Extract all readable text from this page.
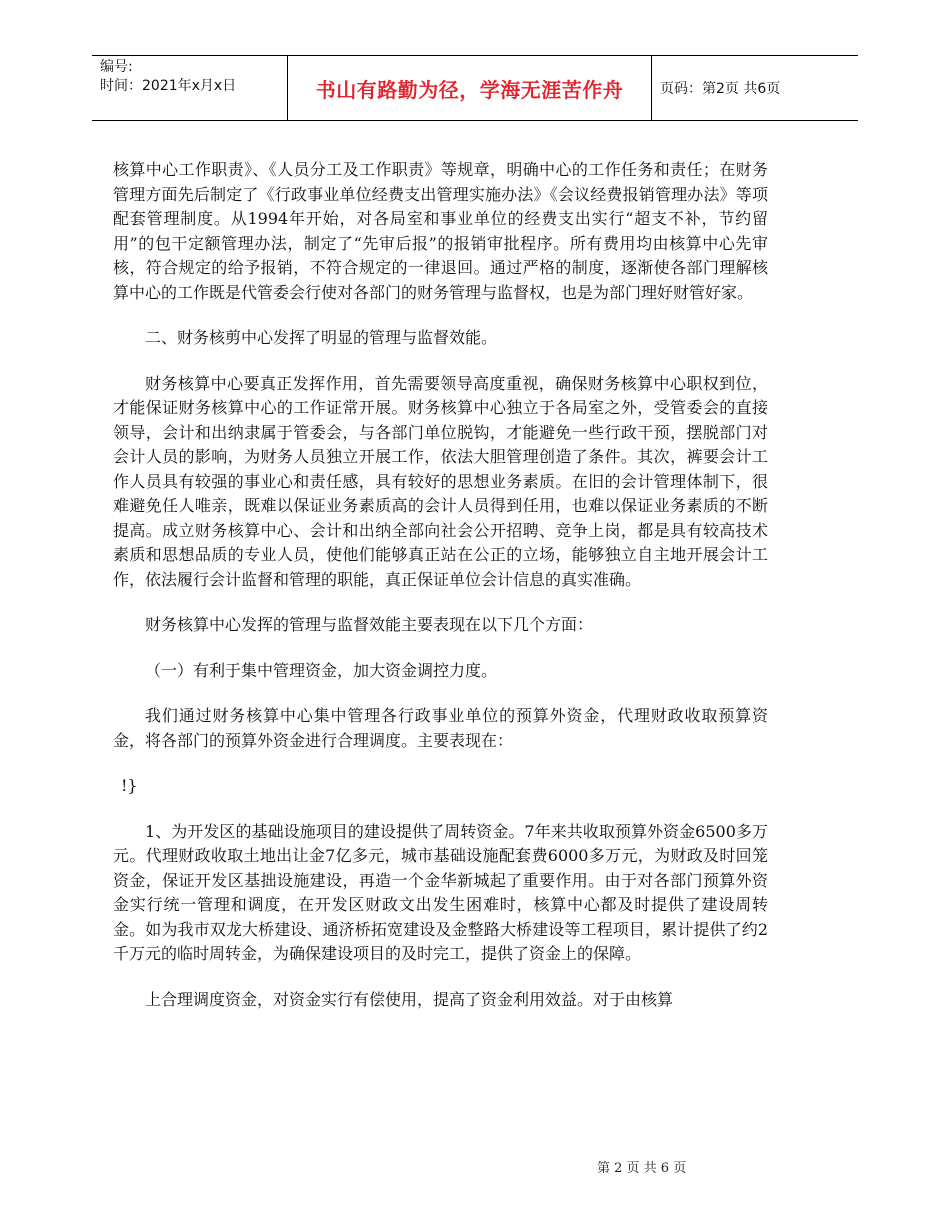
编号:
时间：2021年x月x日	书山有路勤为径，学海无涯苦作舟	页码：第2页 共6页

核算中心工作职责》、《人员分工及工作职责》等规章，明确中心的工作任务和责任；在财务管理方面先后制定了《行政事业单位经费支出管理实施办法》《会议经费报销管理办法》等项配套管理制度。从1994年开始，对各局室和事业单位的经费支出实行“超支不补，节约留用”的包干定额管理办法，制定了“先审后报”的报销审批程序。所有费用均由核算中心先审核，符合规定的给予报销，不符合规定的一律退回。通过严格的制度，逐渐使各部门理解核算中心的工作既是代管委会行使对各部门的财务管理与监督权，也是为部门理好财管好家。

二、财务核剪中心发挥了明显的管理与监督效能。

财务核算中心要真正发挥作用，首先需要领导高度重视，确保财务核算中心职权到位，才能保证财务核算中心的工作证常开展。财务核算中心独立于各局室之外，受管委会的直接领导，会计和出纳隶属于管委会，与各部门单位脱钩，才能避免一些行政干预，摆脱部门对会计人员的影响，为财务人员独立开展工作，依法大胆管理创造了条件。其次，裤要会计工作人员具有较强的事业心和责任感，具有较好的思想业务素质。在旧的会计管理体制下，很难避免任人唯亲，既难以保证业务素质高的会计人员得到任用，也难以保证业务素质的不断提高。成立财务核算中心、会计和出纳全部向社会公开招聘、竞争上岗，都是具有较高技术素质和思想品质的专业人员，使他们能够真正站在公正的立场，能够独立自主地开展会计工作，依法履行会计监督和管理的职能，真正保证单位会计信息的真实准确。

财务核算中心发挥的管理与监督效能主要表现在以下几个方面：

（一）有利于集中管理资金，加大资金调控力度。

我们通过财务核算中心集中管理各行政事业单位的预算外资金，代理财政收取预算资金，将各部门的预算外资金进行合理调度。主要表现在：

!}

1、为开发区的基础设施项目的建设提供了周转资金。7年来共收取预算外资金6500多万元。代理财政收取土地出让金7亿多元，城市基础设施配套费6000多万元，为财政及时回笼资金，保证开发区基拙设施建设，再造一个金华新城起了重要作用。由于对各部门预算外资金实行统一管理和调度，在开发区财政文出发生困难时，核算中心都及时提供了建设周转金。如为我市双龙大桥建设、通济桥拓宽建设及金整路大桥建设等工程项目，累计提供了约2千万元的临时周转金，为确保建设项目的及时完工，提供了资金上的保障。

上合理调度资金，对资金实行有偿使用，提高了资金利用效益。对于由核算

第 2 页 共 6 页
